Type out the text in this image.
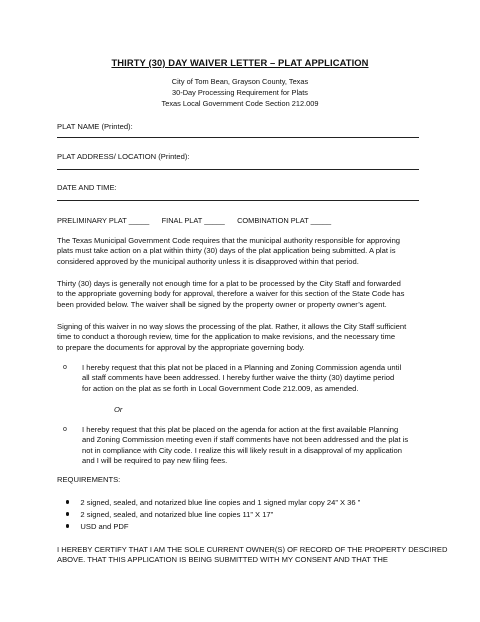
THIRTY (30) DAY WAIVER LETTER – PLAT APPLICATION
City of Tom Bean, Grayson County, Texas
30-Day Processing Requirement for Plats
Texas Local Government Code Section 212.009
PLAT NAME (Printed):
PLAT ADDRESS/ LOCATION (Printed):
DATE AND TIME:
PRELIMINARY PLAT _____ FINAL PLAT _____ COMBINATION PLAT _____
The Texas Municipal Government Code requires that the municipal authority responsible for approving
plats must take action on a plat within thirty (30) days of the plat application being submitted. A plat is
considered approved by the municipal authority unless it is disapproved within that period.
Thirty (30) days is generally not enough time for a plat to be processed by the City Staff and forwarded
to the appropriate governing body for approval, therefore a waiver for this section of the State Code has
been provided below. The waiver shall be signed by the property owner or property owner’s agent.
Signing of this waiver in no way slows the processing of the plat. Rather, it allows the City Staff sufficient
time to conduct a thorough review, time for the application to make revisions, and the necessary time
to prepare the documents for approval by the appropriate governing body.
o I hereby request that this plat not be placed in a Planning and Zoning Commission agenda until
all staff comments have been addressed. I hereby further waive the thirty (30) daytime period
for action on the plat as se forth in Local Government Code 212.009, as amended.
Or
o I hereby request that this plat be placed on the agenda for action at the first available Planning
and Zoning Commission meeting even if staff comments have not been addressed and the plat is
not in compliance with City code. I realize this will likely result in a disapproval of my application
and I will be required to pay new filing fees.
REQUIREMENTS:
2 signed, sealed, and notarized blue line copies and 1 signed mylar copy 24” X 36 ”
2 signed, sealed, and notarized blue line copies 11” X 17”
USD and PDF
I HEREBY CERTIFY THAT I AM THE SOLE CURRENT OWNER(S) OF RECORD OF THE PROPERTY DESCIRED
ABOVE. THAT THIS APPLICATION IS BEING SUBMITTED WITH MY CONSENT AND THAT THE
